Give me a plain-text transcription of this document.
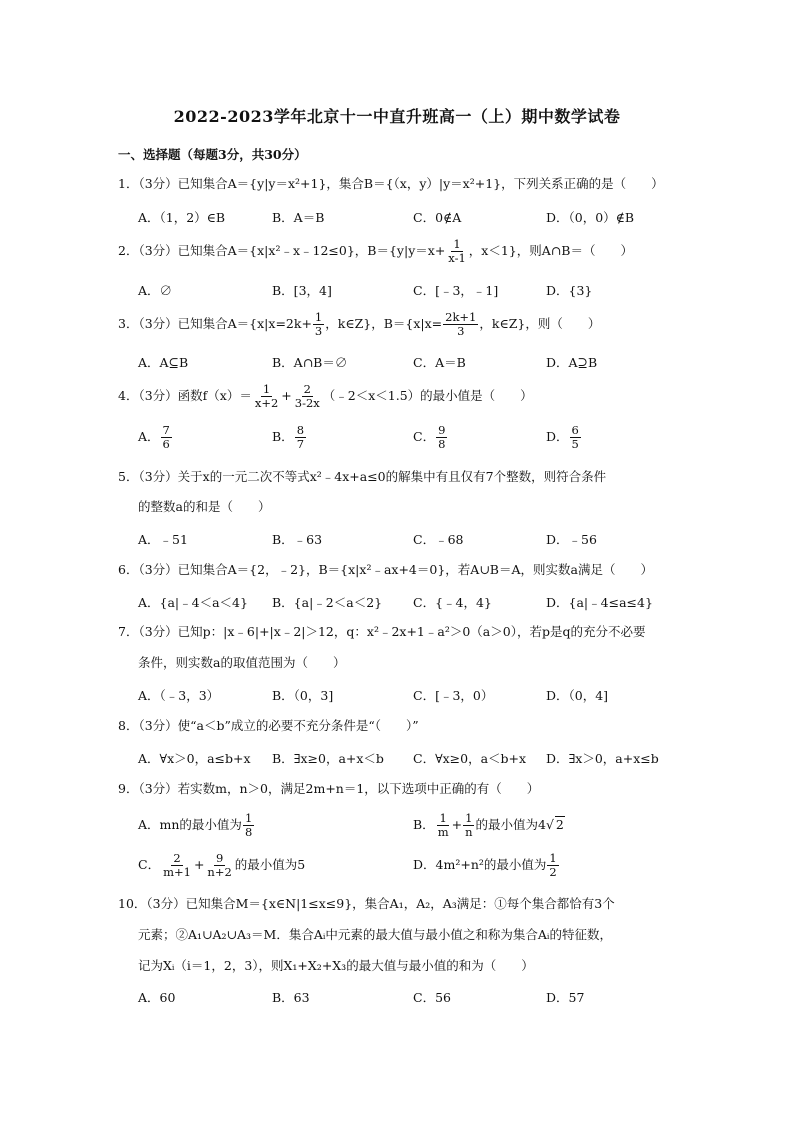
2022-2023学年北京十一中直升班高一（上）期中数学试卷
一、选择题（每题3分，共30分）
1．（3分）已知集合A＝{y|y＝x²+1}，集合B＝{（x，y）|y＝x²+1}，下列关系正确的是（　　）
A．（1，2）∈B	B．A＝B	C．0∉A	D．（0，0）∉B
2．（3分）已知集合A＝{x|x²﹣x﹣12≤0}，$B=\{y|y=x+ \frac{1}{x-1}$ ，x＜1}，则A∩B＝（　　）
A．∅	B．[3，4]	C．[﹣3，﹣1]	D．{3}
3．（3分）已知集合$A=\{x|x=2k+ \frac{1}{3}$ ，k∈Z}，$B=\{x|x= \frac{2k+1}{3}$ ，k∈Z}，则（　　）
A．A⊆B	B．A∩B＝∅	C．A＝B	D．A⊇B
4．（3分）函数$f(x)= \frac{1}{x+2} + \frac{2}{3-2x}$ （﹣2＜x＜1.5）的最小值是（　　）
A． $\frac{7}{6}$	B． $\frac{8}{7}$	C． $\frac{9}{8}$	D． $\frac{6}{5}$
5．（3分）关于x的一元二次不等式x²﹣4x+a≤0的解集中有且仅有7个整数，则符合条件
的整数a的和是（　　）
A．﹣51	B．﹣63	C．﹣68	D．﹣56
6．（3分）已知集合A＝{2，﹣2}，B＝{x|x²﹣ax+4＝0}，若A∪B＝A，则实数a满足（　　）
A．{a|﹣4＜a＜4} B．{a|﹣2＜a＜2} C．{﹣4，4}	D．{a|﹣4≤a≤4}
7．（3分）已知p：|x﹣6|+|x﹣2|＞12，q：x²﹣2x+1﹣a²＞0（a＞0），若p是q的充分不必要
条件，则实数a的取值范围为（　　）
A．（﹣3，3）	B．（0，3]	C．[﹣3，0）	D．（0，4]
8．（3分）使“a＜b”成立的必要不充分条件是“（　　）”
A．∀x＞0，a≤b+x B．∃x≥0，a+x＜b C．∀x≥0，a＜b+x D．∃x＞0，a+x≤b
9．（3分）若实数m，n＞0，满足2m+n＝1，以下选项中正确的有（　　）
A．mn的最小值为 $\frac{1}{8}$	B． $\frac{1}{m} + \frac{1}{n}$ 的最小值为4√ 2
C． $\frac{2}{m+1} + \frac{9}{n+2}$ 的最小值为5	D．4m²+n²的最小值为 $\frac{1}{2}$
10．（3分）已知集合M＝{x∈N|1≤x≤9}，集合A₁，A₂，A₃满足：①每个集合都恰有3个
元素；②A₁∪A₂∪A₃＝M．集合Aᵢ中元素的最大值与最小值之和称为集合Aᵢ的特征数，
记为Xᵢ（i＝1，2，3），则X₁+X₂+X₃的最大值与最小值的和为（　　）
A．60	B．63	C．56	D．57
